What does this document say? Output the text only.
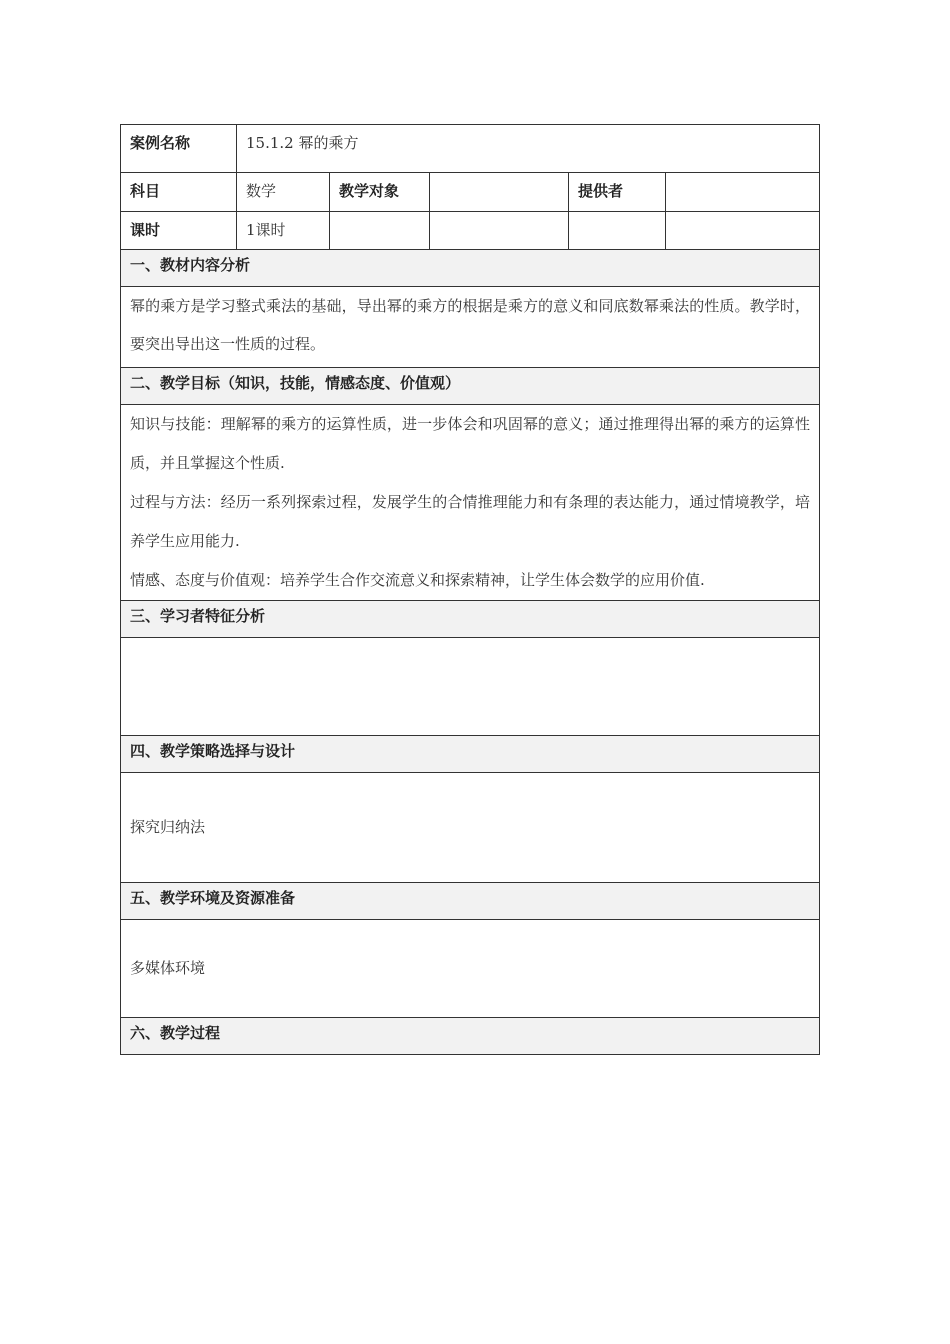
案例名称	15.1.2 幂的乘方				
科目	数学	教学对象		提供者	
课时	1课时				
一、教材内容分析					

幂的乘方是学习整式乘法的基础，导出幂的乘方的根据是乘方的意义和同底数幂乘法的性质。教学时，要突出导出这一性质的过程。					

二、教学目标（知识，技能，情感态度、价值观）					

知识与技能：理解幂的乘方的运算性质，进一步体会和巩固幂的意义；通过推理得出幂的乘方的运算性质，并且掌握这个性质.

过程与方法：经历一系列探索过程，发展学生的合情推理能力和有条理的表达能力，通过情境教学，培养学生应用能力.

情感、态度与价值观：培养学生合作交流意义和探索精神，让学生体会数学的应用价值.					

三、学习者特征分析					

四、教学策略选择与设计					

探究归纳法					

五、教学环境及资源准备					

多媒体环境					

六、教学过程					
